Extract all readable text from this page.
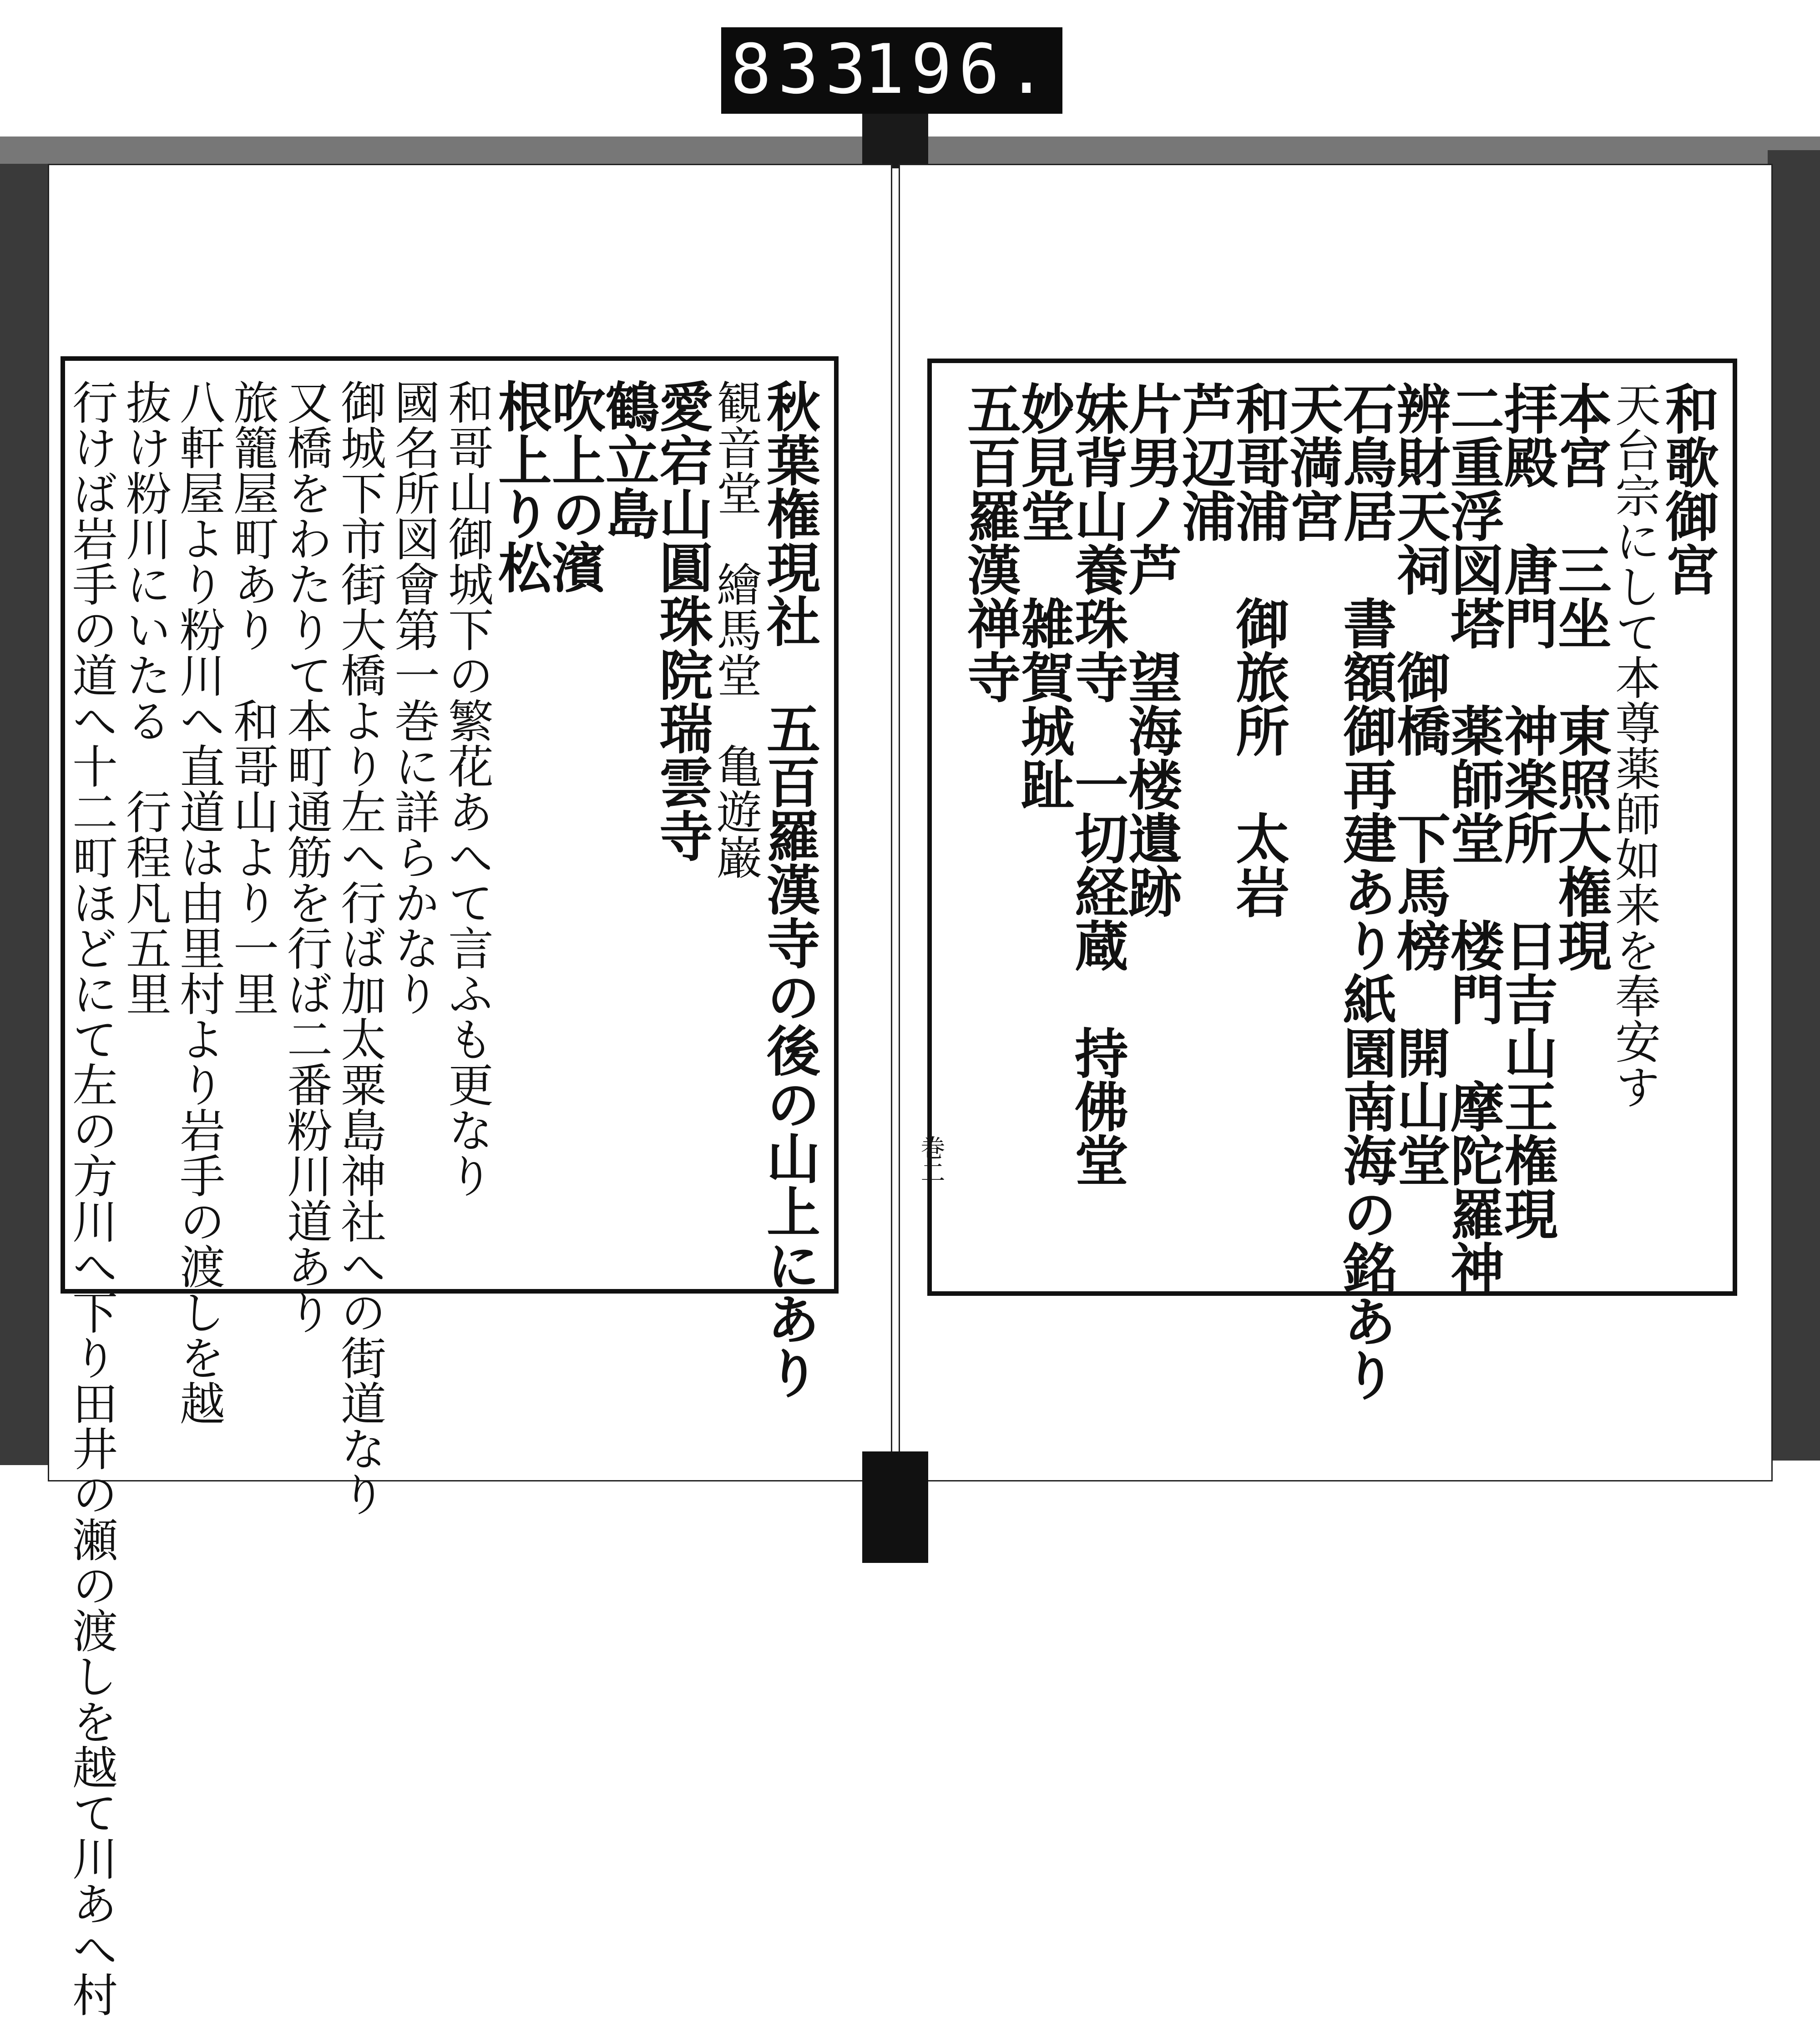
833
196.
秋葉権現社　五百羅漢寺の後の山上にあり
観音堂　繪馬堂　亀遊巌
愛宕山圓珠院瑞雲寺
鶴立島
吹上の濱
根上り松
和哥山御城下の繁花あへて言ふも更なり
國名所図會第一巻に詳らかなり
御城下市街大橋より左へ行ば加太粟島神社への街道なり
又橋をわたりて本町通筋を行ば二番粉川道あり
旅籠屋町あり　和哥山より一里
八軒屋より粉川へ直道は由里村より岩手の渡しを越
抜け粉川にいたる　行程凡五里
行けば岩手の道へ十二町ほどにて左の方川へ下り田井の瀬の渡しを越て川あへ村	和歌御宮
天台宗にして本尊薬師如来を奉安す
本宮　三坐　東照大権現
拝殿　唐門　神楽所　日吉山王権現
二重浮図塔　薬師堂　楼門　摩陀羅神
辨財天祠　御橋　下馬榜　開山堂
石鳥居　書額御再建あり紙園南海の銘あり
天満宮
和哥浦　御旅所　太岩
芦辺浦
片男ノ芦　望海楼遺跡
妹背山養珠寺　一切経蔵　持佛堂
妙見堂　雑賀城趾
五百羅漢禅寺
巻二
